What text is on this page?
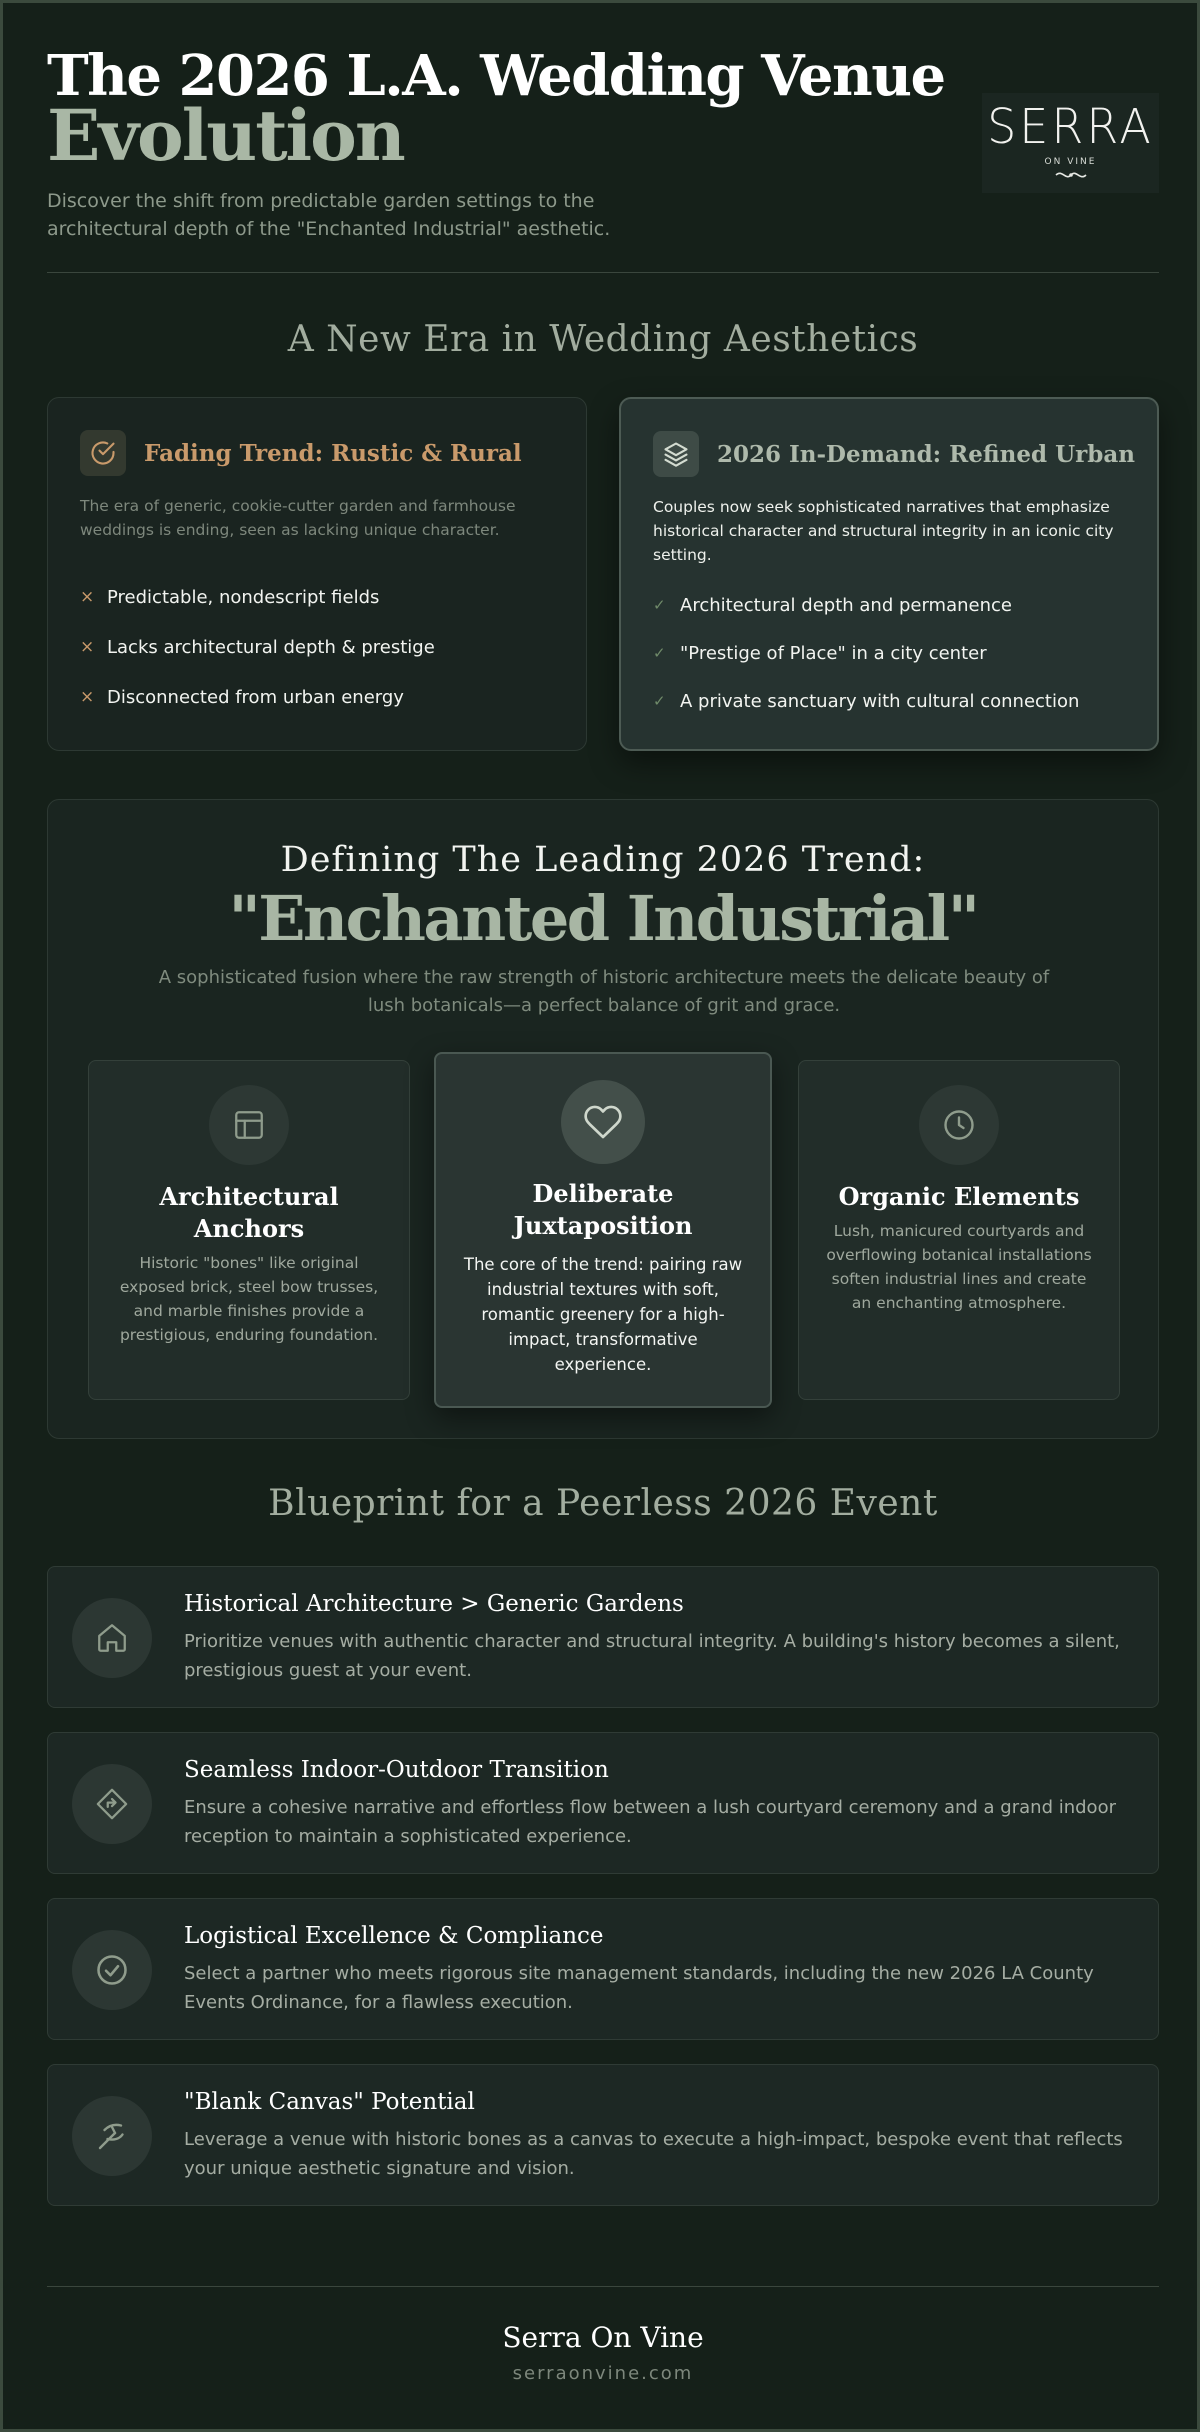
The 2026 L.A. Wedding Venue
Evolution
Discover the shift from predictable garden settings to the architectural depth of the "Enchanted Industrial" aesthetic.
SERRA
ON VINE
A New Era in Wedding Aesthetics
Fading Trend: Rustic & Rural
The era of generic, cookie-cutter garden and farmhouse weddings is ending, seen as lacking unique character.
× Predictable, nondescript fields
× Lacks architectural depth & prestige
× Disconnected from urban energy
2026 In-Demand: Refined Urban
Couples now seek sophisticated narratives that emphasize historical character and structural integrity in an iconic city setting.
✓ Architectural depth and permanence
✓ "Prestige of Place" in a city center
✓ A private sanctuary with cultural connection
Defining The Leading 2026 Trend:
"Enchanted Industrial"
A sophisticated fusion where the raw strength of historic architecture meets the delicate beauty of lush botanicals—a perfect balance of grit and grace.
Architectural Anchors
Historic "bones" like original exposed brick, steel bow trusses, and marble finishes provide a prestigious, enduring foundation.
Deliberate Juxtaposition
The core of the trend: pairing raw industrial textures with soft, romantic greenery for a high-impact, transformative experience.
Organic Elements
Lush, manicured courtyards and overflowing botanical installations soften industrial lines and create an enchanting atmosphere.
Blueprint for a Peerless 2026 Event
Historical Architecture > Generic Gardens
Prioritize venues with authentic character and structural integrity. A building's history becomes a silent, prestigious guest at your event.
Seamless Indoor-Outdoor Transition
Ensure a cohesive narrative and effortless flow between a lush courtyard ceremony and a grand indoor reception to maintain a sophisticated experience.
Logistical Excellence & Compliance
Select a partner who meets rigorous site management standards, including the new 2026 LA County Events Ordinance, for a flawless execution.
"Blank Canvas" Potential
Leverage a venue with historic bones as a canvas to execute a high-impact, bespoke event that reflects your unique aesthetic signature and vision.
Serra On Vine
serraonvine.com
